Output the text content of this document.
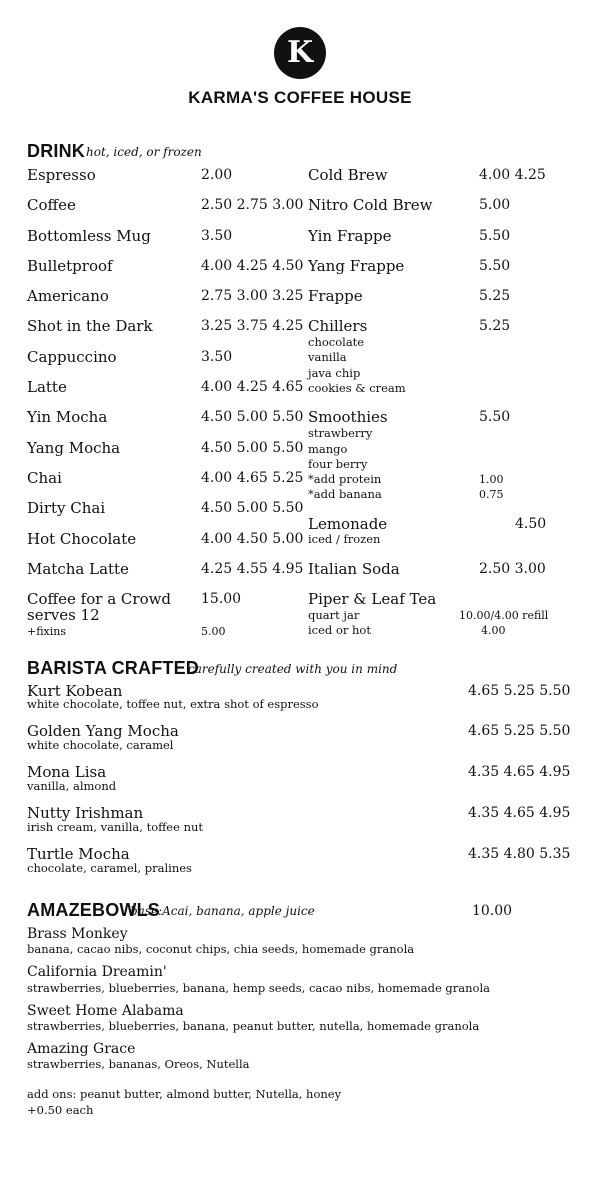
K
KARMA'S COFFEE HOUSE
DRINK hot, iced, or frozen
Espresso	2.00
Coffee	2.50 2.75 3.00
Bottomless Mug	3.50
Bulletproof	4.00 4.25 4.50
Americano	2.75 3.00 3.25
Shot in the Dark	3.25 3.75 4.25
Cappuccino	3.50
Latte	4.00 4.25 4.65
Yin Mocha	4.50 5.00 5.50
Yang Mocha	4.50 5.00 5.50
Chai	4.00 4.65 5.25
Dirty Chai	4.50 5.00 5.50
Hot Chocolate	4.00 4.50 5.00
Matcha Latte	4.25 4.55 4.95
Coffee for a Crowd 15.00
serves 12
+fixins	5.00
Cold Brew	4.00 4.25
Nitro Cold Brew	5.00
Yin Frappe	5.50
Yang Frappe	5.50
Frappe	5.25
Chillers	5.25
chocolate
vanilla
java chip
cookies & cream
Smoothies	5.50
strawberry
mango
four berry
*add protein	1.00
*add banana	0.75
Lemonade	4.50
iced / frozen
Italian Soda	2.50 3.00
Piper & Leaf Tea
quart jar	10.00/4.00 refill
iced or hot	4.00
BARISTA CRAFTED
carefully created with you in mind
Kurt Kobean
white chocolate, toffee nut, extra shot of espresso
4.65 5.25 5.50
Golden Yang Mocha
white chocolate, caramel
4.65 5.25 5.50
Mona Lisa
vanilla, almond
4.35 4.65 4.95
Nutty Irishman
irish cream, vanilla, toffee nut
4.35 4.65 4.95
Turtle Mocha
chocolate, caramel, pralines
4.35 4.80 5.35
AMAZEBOWLS
base:Acai, banana, apple juice	10.00
Brass Monkey
banana, cacao nibs, coconut chips, chia seeds, homemade granola
California Dreamin'
strawberries, blueberries, banana, hemp seeds, cacao nibs, homemade granola
Sweet Home Alabama
strawberries, blueberries, banana, peanut butter, nutella, homemade granola
Amazing Grace
strawberries, bananas, Oreos, Nutella
add ons: peanut butter, almond butter, Nutella, honey
+0.50 each
